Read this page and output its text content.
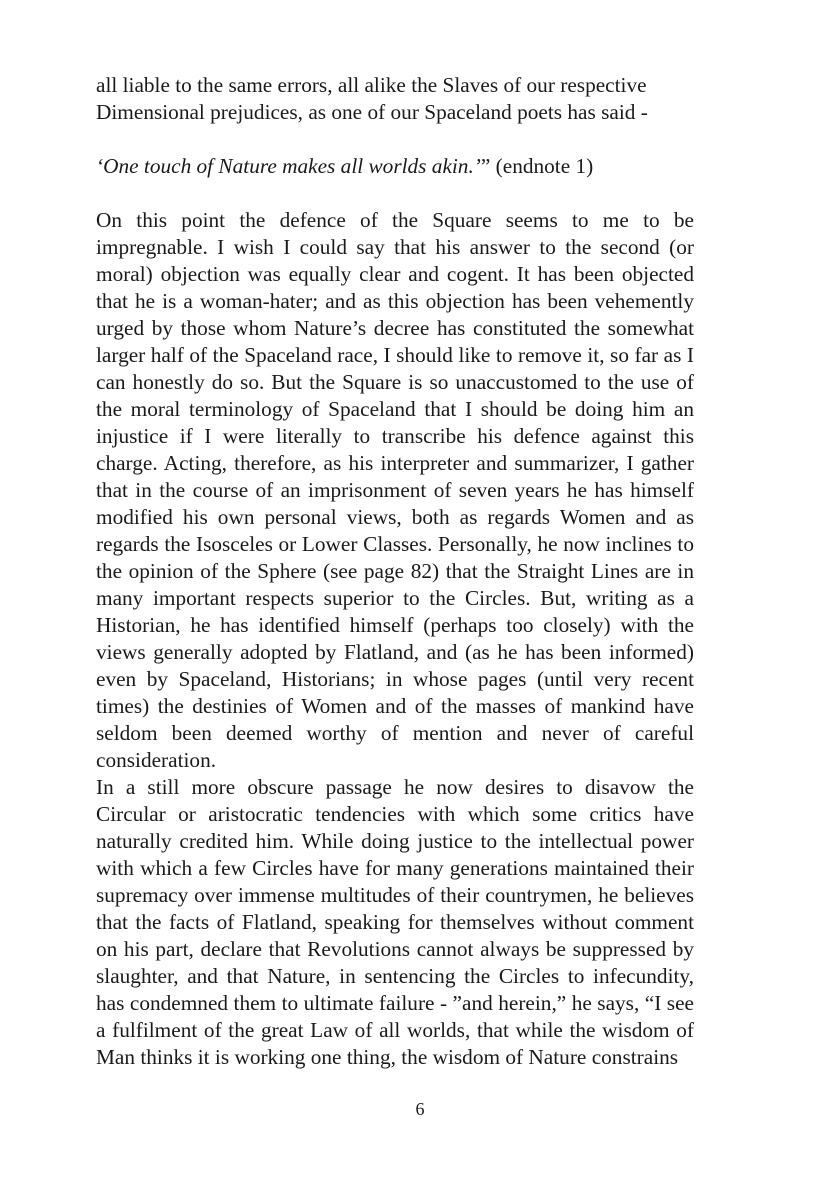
all liable to the same errors, all alike the Slaves of our respective Dimensional prejudices, as one of our Spaceland poets has said -

‘One touch of Nature makes all worlds akin.’” (endnote 1)

On this point the defence of the Square seems to me to be impregnable. I wish I could say that his answer to the second (or moral) objection was equally clear and cogent. It has been objected that he is a woman-hater; and as this objection has been vehemently urged by those whom Nature’s decree has constituted the somewhat larger half of the Spaceland race, I should like to remove it, so far as I can honestly do so. But the Square is so unaccustomed to the use of the moral terminology of Spaceland that I should be doing him an injustice if I were literally to transcribe his defence against this charge. Acting, therefore, as his interpreter and summarizer, I gather that in the course of an imprisonment of seven years he has himself modified his own personal views, both as regards Women and as regards the Isosceles or Lower Classes. Personally, he now inclines to the opinion of the Sphere (see page 82) that the Straight Lines are in many important respects superior to the Circles. But, writing as a Historian, he has identified himself (perhaps too closely) with the views generally adopted by Flatland, and (as he has been informed) even by Spaceland, Historians; in whose pages (until very recent times) the destinies of Women and of the masses of mankind have seldom been deemed worthy of mention and never of careful consideration.

In a still more obscure passage he now desires to disavow the Circular or aristocratic tendencies with which some critics have naturally credited him. While doing justice to the intellectual power with which a few Circles have for many generations maintained their supremacy over immense multitudes of their countrymen, he believes that the facts of Flatland, speaking for themselves without comment on his part, declare that Revolutions cannot always be suppressed by slaughter, and that Nature, in sentencing the Circles to infecundity, has condemned them to ultimate failure - ”and herein,” he says, “I see a fulfilment of the great Law of all worlds, that while the wisdom of Man thinks it is working one thing, the wisdom of Nature constrains

6
